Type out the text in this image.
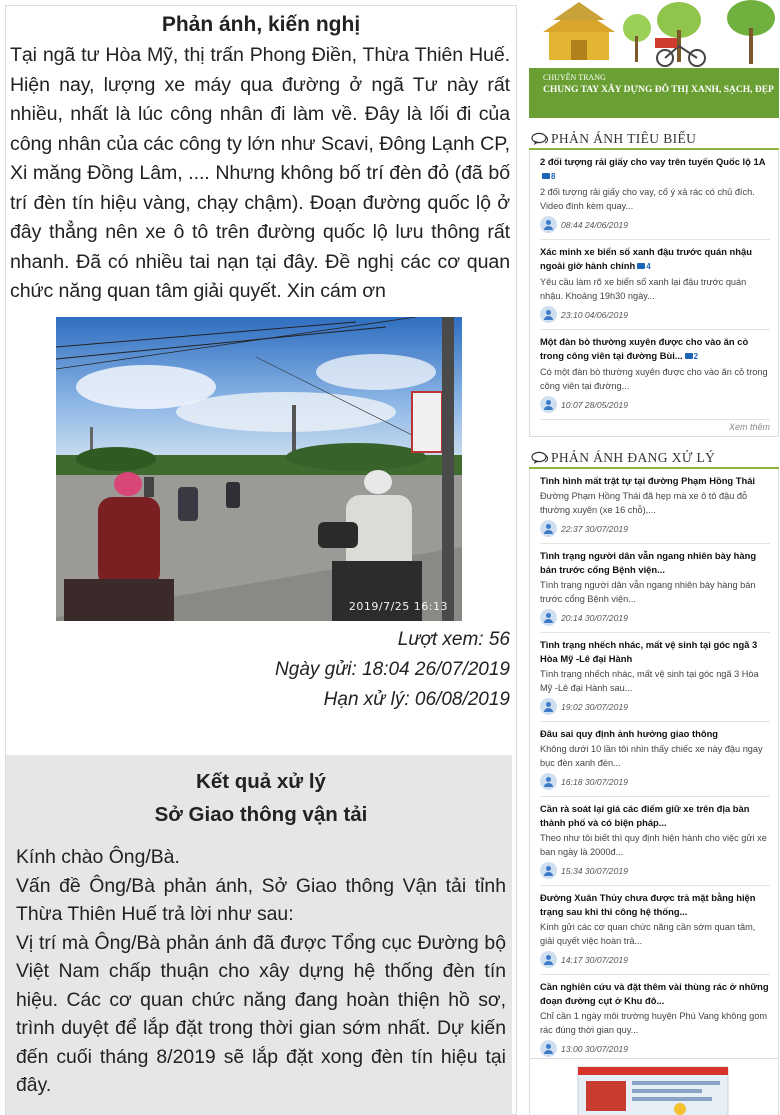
Phản ánh, kiến nghị

Tại ngã tư Hòa Mỹ, thị trấn Phong Điền, Thừa Thiên Huế. Hiện nay, lượng xe máy qua đường ở ngã Tư này rất nhiều, nhất là lúc công nhân đi làm về. Đây là lối đi của công nhân của các công ty lớn như Scavi, Đông Lạnh CP, Xi măng Đồng Lâm, .... Nhưng không bố trí đèn đỏ (đã bố trí đèn tín hiệu vàng, chạy chậm). Đoạn đường quốc lộ ở đây thẳng nên xe ô tô trên đường quốc lộ lưu thông rất nhanh. Đã có nhiều tai nạn tại đây. Đề nghị các cơ quan chức năng quan tâm giải quyết. Xin cám ơn

2019/7/25 16:13
Lượt xem: 56
Ngày gửi: 18:04 26/07/2019
Hạn xử lý: 06/08/2019
Kết quả xử lý
Sở Giao thông vận tải

Kính chào Ông/Bà.

Vấn đề Ông/Bà phản ánh, Sở Giao thông Vận tải tỉnh Thừa Thiên Huế trả lời như sau:

Vị trí mà Ông/Bà phản ánh đã được Tổng cục Đường bộ Việt Nam chấp thuận cho xây dựng hệ thống đèn tín hiệu. Các cơ quan chức năng đang hoàn thiện hồ sơ, trình duyệt để lắp đặt trong thời gian sớm nhất. Dự kiến đến cuối tháng 8/2019 sẽ lắp đặt xong đèn tín hiệu tại đây.

CHUYÊN TRANG
CHUNG TAY XÂY DỰNG ĐÔ THỊ XANH, SẠCH, ĐẸP
PHẢN ÁNH TIÊU BIỂU
2 đối tượng rải giấy cho vay trên tuyến Quốc lộ 1A8
2 đối tượng rải giấy cho vay, cố ý xả rác có chủ đích. Video đính kèm quay...
08:44 24/06/2019
Xác minh xe biển số xanh đậu trước quán nhậu ngoài giờ hành chính 4
Yêu cầu làm rõ xe biển số xanh lại đậu trước quán nhậu. Khoảng 19h30 ngày...
23:10 04/06/2019
Một đàn bò thường xuyên được cho vào ăn cỏ trong công viên tại đường Bùi... 2
Có một đàn bò thường xuyên được cho vào ăn cỏ trong công viên tại đường...
10:07 28/05/2019
Xem thêm
PHẢN ÁNH ĐANG XỬ LÝ
Tình hình mất trật tự tại đường Phạm Hồng Thái
Đường Phạm Hồng Thái đã hẹp mà xe ô tô đậu đỗ thường xuyên (xe 16 chỗ),...
22:37 30/07/2019
Tình trạng người dân vẫn ngang nhiên bày hàng bán trước cổng Bệnh viện...
Tình trạng người dân vẫn ngang nhiên bày hàng bán trước cổng Bệnh viện...
20:14 30/07/2019
Tình trạng nhếch nhác, mất vệ sinh tại góc ngã 3 Hòa Mỹ -Lê đại Hành
Tình trạng nhếch nhác, mất vệ sinh tại góc ngã 3 Hòa Mỹ -Lê đại Hành sau...
19:02 30/07/2019
Đâu sai quy định ảnh hưởng giao thông
Không dưới 10 lần tôi nhìn thấy chiếc xe này đậu ngay bục đèn xanh đèn...
16:18 30/07/2019
Cần rà soát lại giá các điểm giữ xe trên địa bàn thành phố và có biện pháp...
Theo như tôi biết thì quy định hiện hành cho việc gửi xe ban ngày là 2000đ...
15:34 30/07/2019
Đường Xuân Thủy chưa được trả mặt bằng hiện trạng sau khi thi công hệ thống...
Kính gửi các cơ quan chức năng cần sớm quan tâm, giải quyết việc hoàn trả...
14:17 30/07/2019
Cần nghiên cứu và đặt thêm vài thùng rác ở những đoạn đường cụt ở Khu đô...
Chỉ cần 1 ngày môi trường huyện Phú Vang không gom rác đúng thời gian quy...
13:00 30/07/2019
